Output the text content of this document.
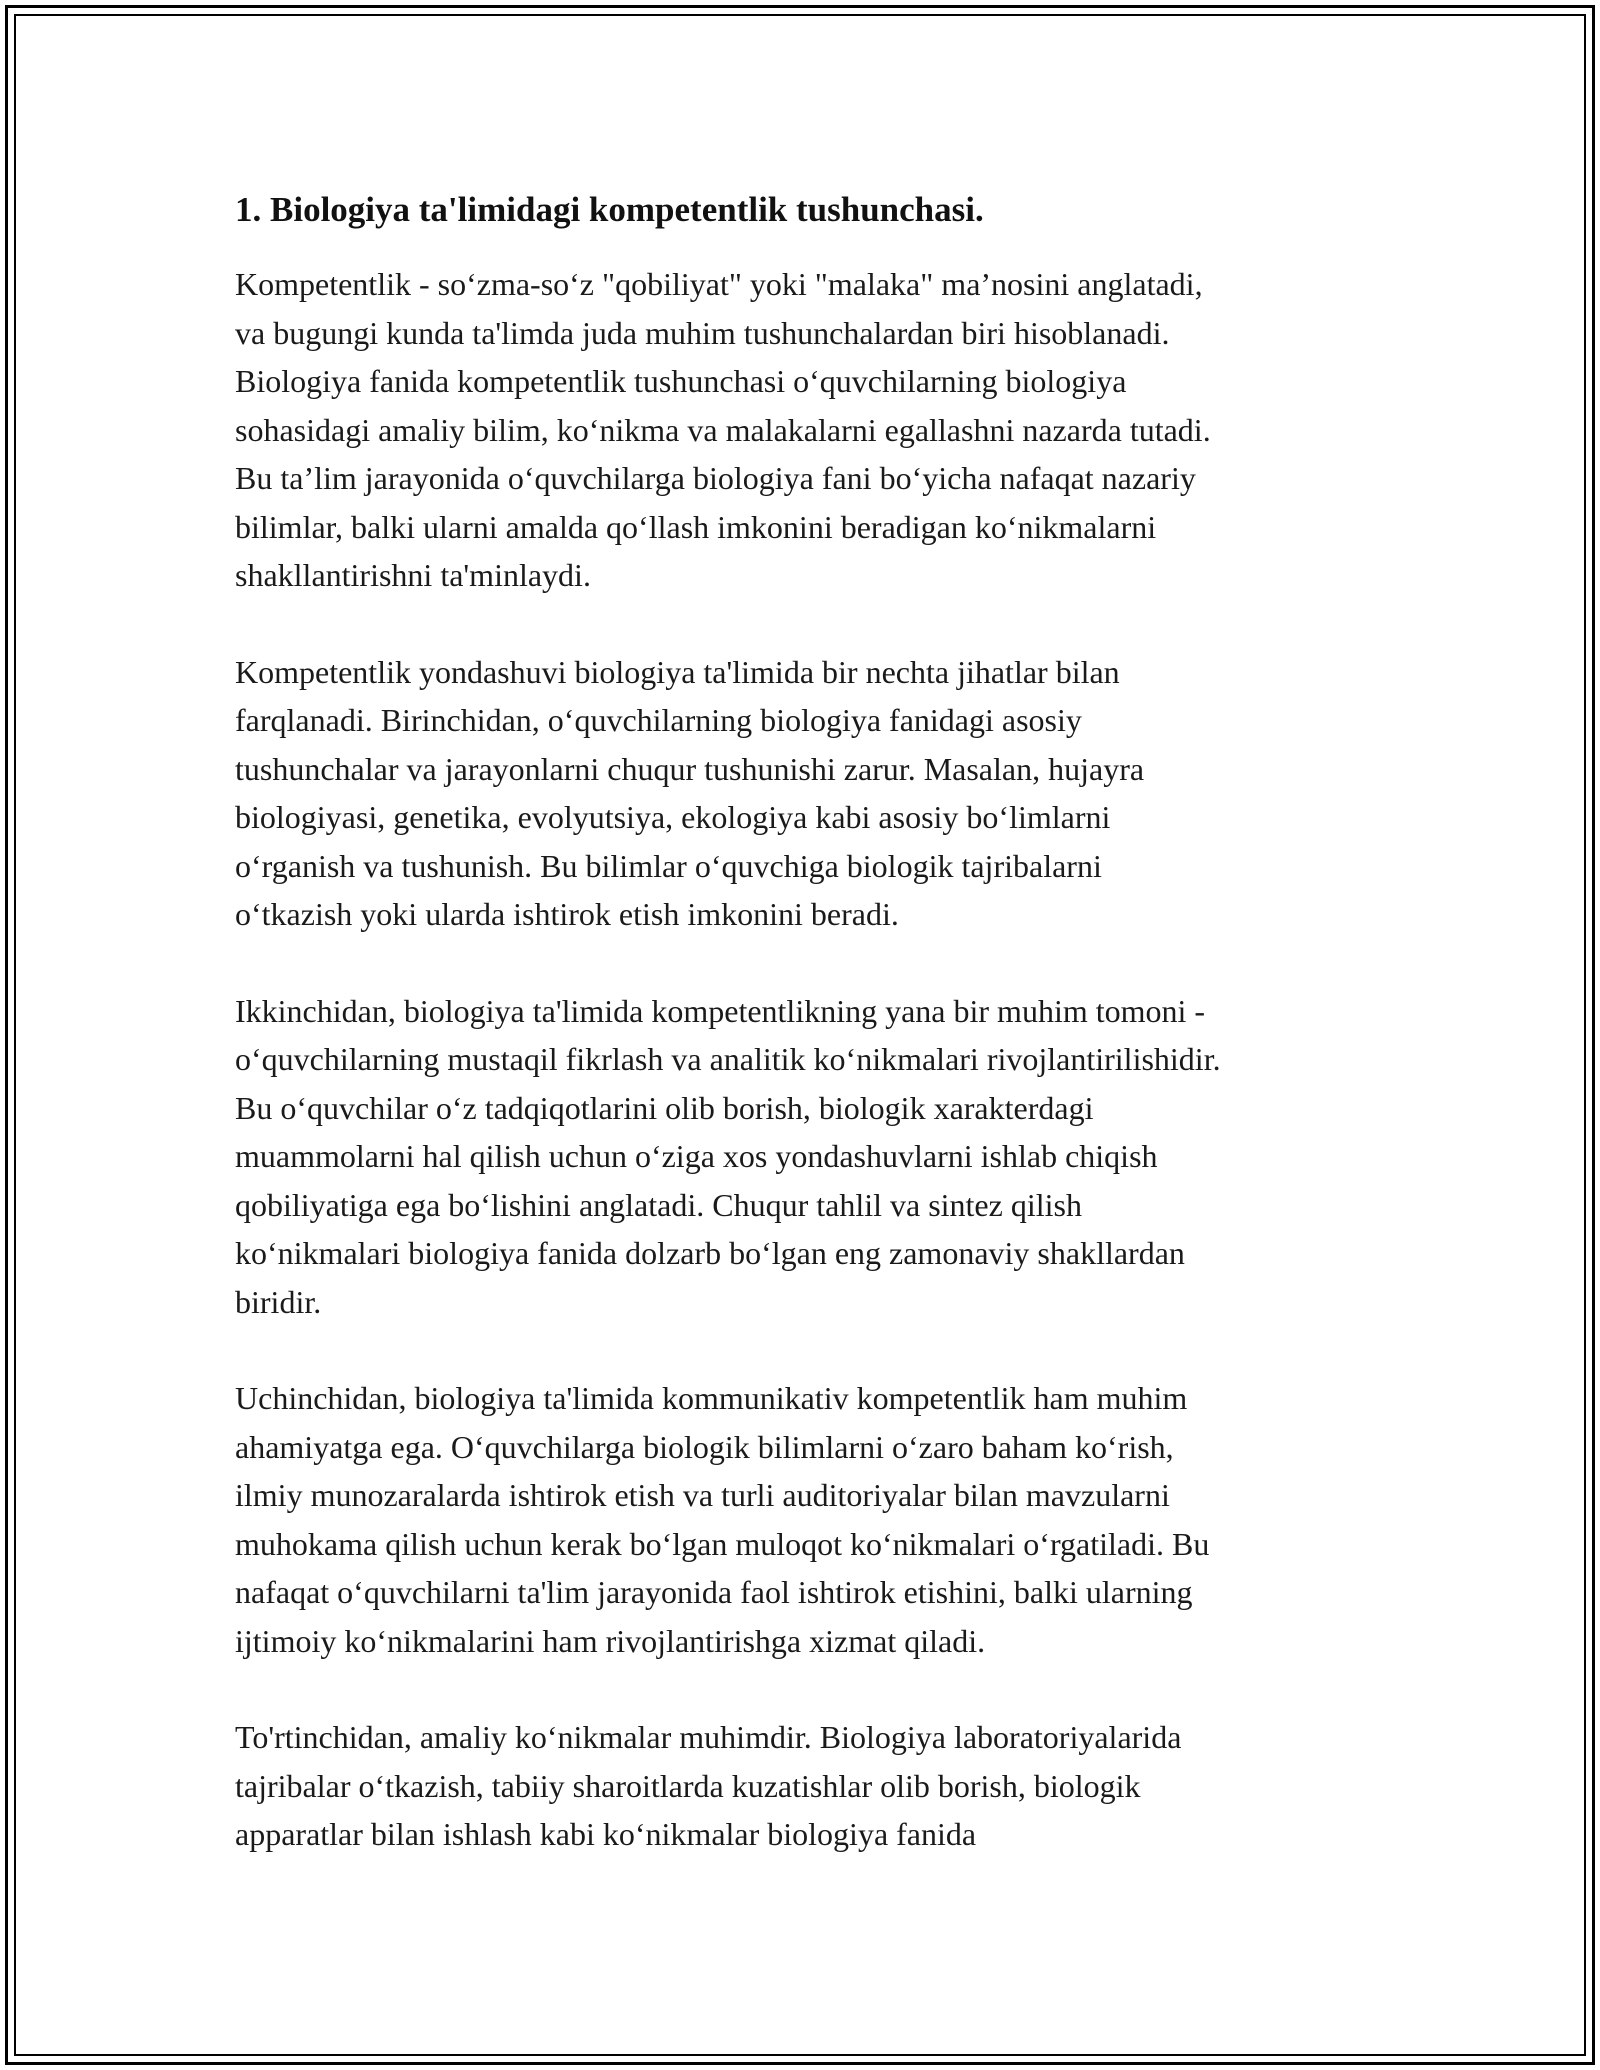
1. Biologiya ta'limidagi kompetentlik tushunchasi.
Kompetentlik - so‘zma-so‘z "qobiliyat" yoki "malaka" ma’nosini anglatadi,
va bugungi kunda ta'limda juda muhim tushunchalardan biri hisoblanadi.
Biologiya fanida kompetentlik tushunchasi o‘quvchilarning biologiya
sohasidagi amaliy bilim, ko‘nikma va malakalarni egallashni nazarda tutadi.
Bu ta’lim jarayonida o‘quvchilarga biologiya fani bo‘yicha nafaqat nazariy
bilimlar, balki ularni amalda qo‘llash imkonini beradigan ko‘nikmalarni
shakllantirishni ta'minlaydi.
Kompetentlik yondashuvi biologiya ta'limida bir nechta jihatlar bilan
farqlanadi. Birinchidan, o‘quvchilarning biologiya fanidagi asosiy
tushunchalar va jarayonlarni chuqur tushunishi zarur. Masalan, hujayra
biologiyasi, genetika, evolyutsiya, ekologiya kabi asosiy bo‘limlarni
o‘rganish va tushunish. Bu bilimlar o‘quvchiga biologik tajribalarni
o‘tkazish yoki ularda ishtirok etish imkonini beradi.
Ikkinchidan, biologiya ta'limida kompetentlikning yana bir muhim tomoni -
o‘quvchilarning mustaqil fikrlash va analitik ko‘nikmalari rivojlantirilishidir.
Bu o‘quvchilar o‘z tadqiqotlarini olib borish, biologik xarakterdagi
muammolarni hal qilish uchun o‘ziga xos yondashuvlarni ishlab chiqish
qobiliyatiga ega bo‘lishini anglatadi. Chuqur tahlil va sintez qilish
ko‘nikmalari biologiya fanida dolzarb bo‘lgan eng zamonaviy shakllardan
biridir.
Uchinchidan, biologiya ta'limida kommunikativ kompetentlik ham muhim
ahamiyatga ega. O‘quvchilarga biologik bilimlarni o‘zaro baham ko‘rish,
ilmiy munozaralarda ishtirok etish va turli auditoriyalar bilan mavzularni
muhokama qilish uchun kerak bo‘lgan muloqot ko‘nikmalari o‘rgatiladi. Bu
nafaqat o‘quvchilarni ta'lim jarayonida faol ishtirok etishini, balki ularning
ijtimoiy ko‘nikmalarini ham rivojlantirishga xizmat qiladi.
To'rtinchidan, amaliy ko‘nikmalar muhimdir. Biologiya laboratoriyalarida
tajribalar o‘tkazish, tabiiy sharoitlarda kuzatishlar olib borish, biologik
apparatlar bilan ishlash kabi ko‘nikmalar biologiya fanida
